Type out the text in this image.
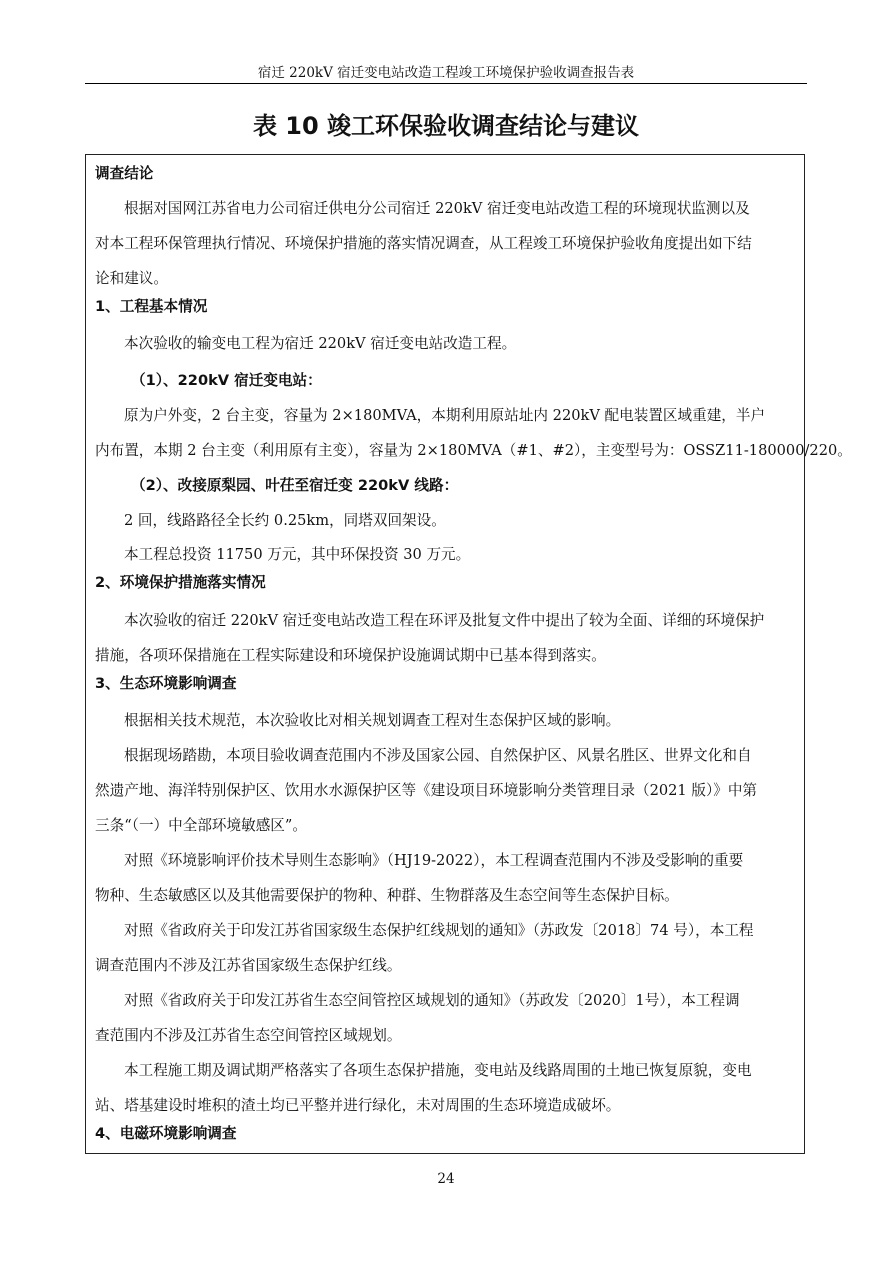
宿迁 220kV 宿迁变电站改造工程竣工环境保护验收调查报告表
表 10 竣工环保验收调查结论与建议
调查结论
根据对国网江苏省电力公司宿迁供电分公司宿迁 220kV 宿迁变电站改造工程的环境现状监测以及
对本工程环保管理执行情况、环境保护措施的落实情况调查，从工程竣工环境保护验收角度提出如下结
论和建议。
1、工程基本情况
本次验收的输变电工程为宿迁 220kV 宿迁变电站改造工程。
（1）、220kV 宿迁变电站：
原为户外变，2 台主变，容量为 2×180MVA，本期利用原站址内 220kV 配电装置区域重建，半户
内布置，本期 2 台主变（利用原有主变），容量为 2×180MVA（#1、#2），主变型号为：OSSZ11-180000/220。
（2）、改接原梨园、叶茌至宿迁变 220kV 线路：
2 回，线路路径全长约 0.25km，同塔双回架设。
本工程总投资 11750 万元，其中环保投资 30 万元。
2、环境保护措施落实情况
本次验收的宿迁 220kV 宿迁变电站改造工程在环评及批复文件中提出了较为全面、详细的环境保护
措施，各项环保措施在工程实际建设和环境保护设施调试期中已基本得到落实。
3、生态环境影响调查
根据相关技术规范，本次验收比对相关规划调查工程对生态保护区域的影响。
根据现场踏勘，本项目验收调查范围内不涉及国家公园、自然保护区、风景名胜区、世界文化和自
然遗产地、海洋特别保护区、饮用水水源保护区等《建设项目环境影响分类管理目录（2021 版）》中第
三条“（一）中全部环境敏感区”。
对照《环境影响评价技术导则生态影响》（HJ19-2022），本工程调查范围内不涉及受影响的重要
物种、生态敏感区以及其他需要保护的物种、种群、生物群落及生态空间等生态保护目标。
对照《省政府关于印发江苏省国家级生态保护红线规划的通知》（苏政发〔2018〕74 号），本工程
调查范围内不涉及江苏省国家级生态保护红线。
对照《省政府关于印发江苏省生态空间管控区域规划的通知》（苏政发〔2020〕1号），本工程调
查范围内不涉及江苏省生态空间管控区域规划。
本工程施工期及调试期严格落实了各项生态保护措施，变电站及线路周围的土地已恢复原貌，变电
站、塔基建设时堆积的渣土均已平整并进行绿化，未对周围的生态环境造成破坏。
4、电磁环境影响调查
24
